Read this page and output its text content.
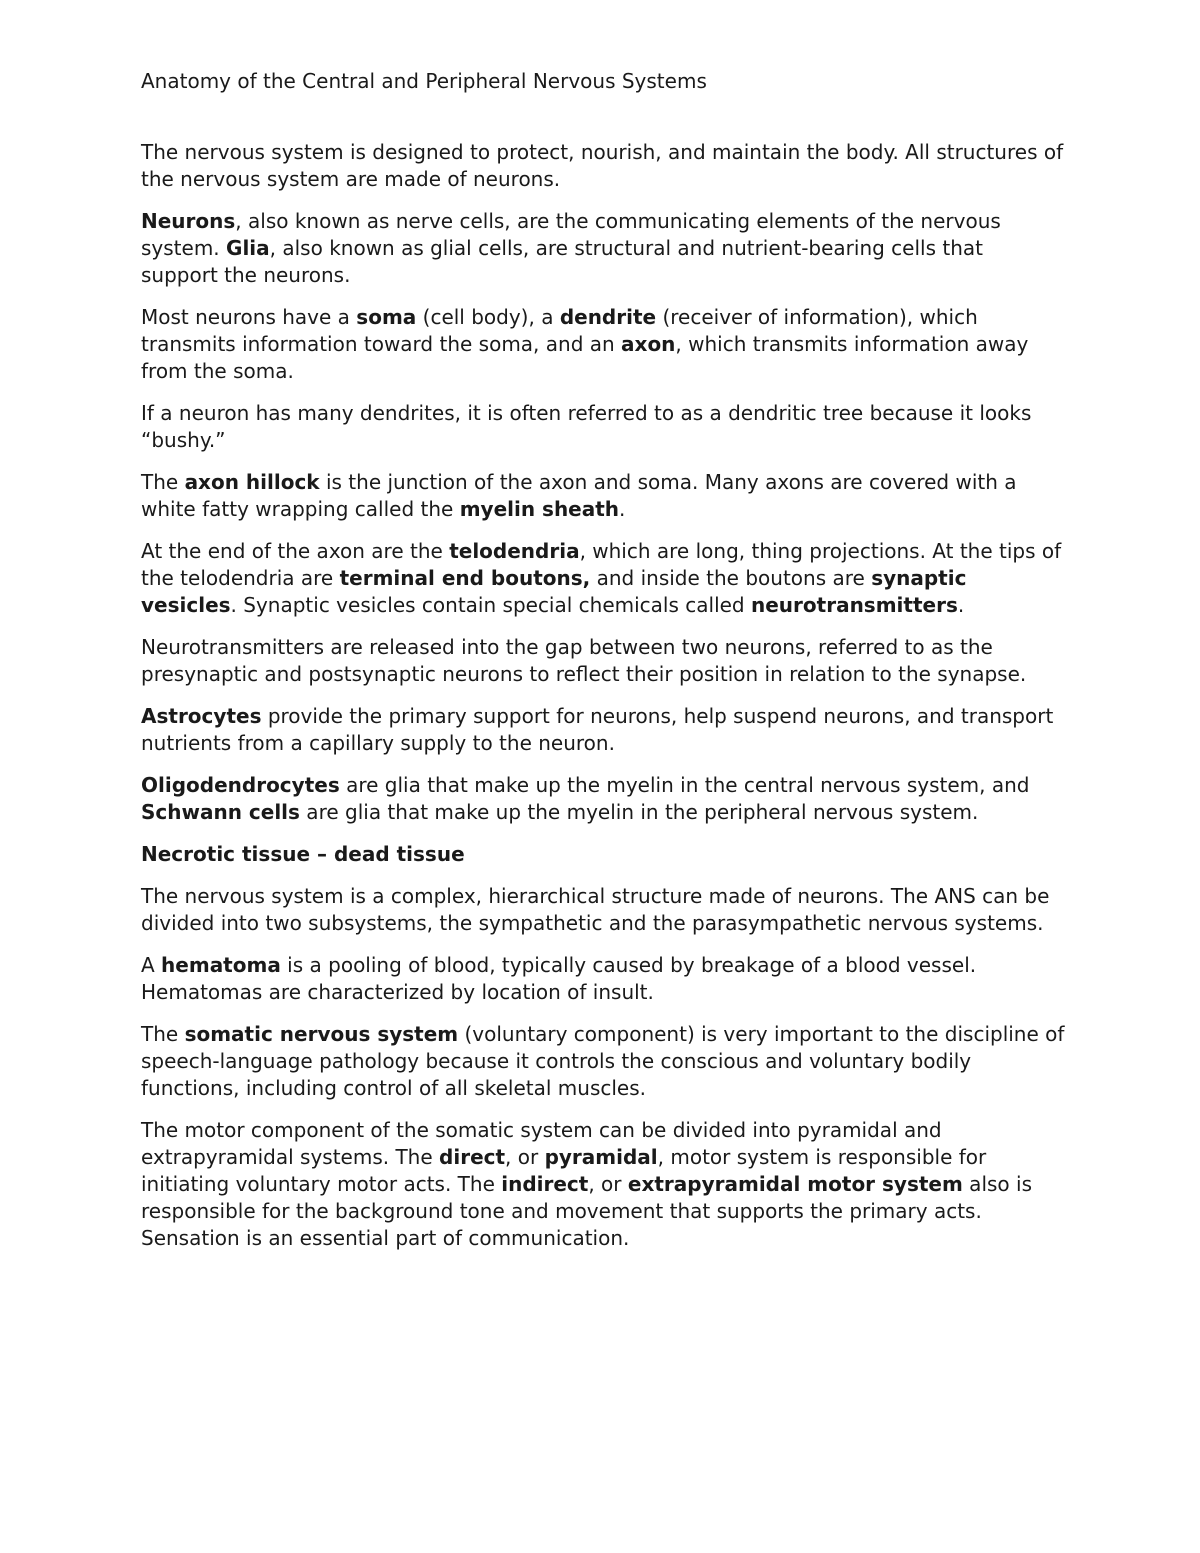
Anatomy of the Central and Peripheral Nervous Systems

The nervous system is designed to protect, nourish, and maintain the body. All structures of the nervous system are made of neurons.

Neurons, also known as nerve cells, are the communicating elements of the nervous system. Glia, also known as glial cells, are structural and nutrient-bearing cells that support the neurons.

Most neurons have a soma (cell body), a dendrite (receiver of information), which transmits information toward the soma, and an axon, which transmits information away from the soma.

If a neuron has many dendrites, it is often referred to as a dendritic tree because it looks “bushy.”

The axon hillock is the junction of the axon and soma. Many axons are covered with a white fatty wrapping called the myelin sheath.

At the end of the axon are the telodendria, which are long, thing projections. At the tips of the telodendria are terminal end boutons, and inside the boutons are synaptic vesicles. Synaptic vesicles contain special chemicals called neurotransmitters.

Neurotransmitters are released into the gap between two neurons, referred to as the presynaptic and postsynaptic neurons to reflect their position in relation to the synapse.

Astrocytes provide the primary support for neurons, help suspend neurons, and transport nutrients from a capillary supply to the neuron.

Oligodendrocytes are glia that make up the myelin in the central nervous system, and Schwann cells are glia that make up the myelin in the peripheral nervous system.

Necrotic tissue – dead tissue

The nervous system is a complex, hierarchical structure made of neurons. The ANS can be divided into two subsystems, the sympathetic and the parasympathetic nervous systems.

A hematoma is a pooling of blood, typically caused by breakage of a blood vessel. Hematomas are characterized by location of insult.

The somatic nervous system (voluntary component) is very important to the discipline of speech-language pathology because it controls the conscious and voluntary bodily functions, including control of all skeletal muscles.

The motor component of the somatic system can be divided into pyramidal and extrapyramidal systems. The direct, or pyramidal, motor system is responsible for initiating voluntary motor acts. The indirect, or extrapyramidal motor system also is responsible for the background tone and movement that supports the primary acts. Sensation is an essential part of communication.
